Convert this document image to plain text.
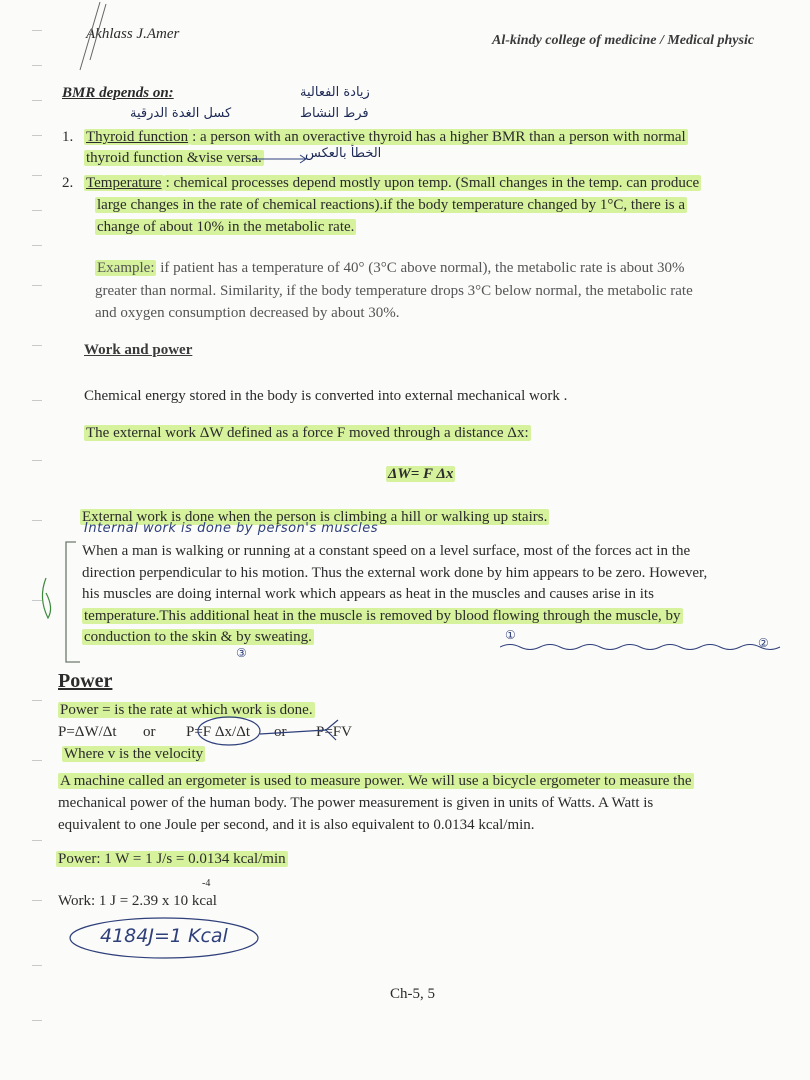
Akhlass J.Amer	Al-kindy college of medicine / Medical physic
BMR depends on:	زيادة الفعالية
كسل الغدة الدرقية	فرط النشاط
الخطأ بالعكس
1. Thyroid function : a person with an overactive thyroid has a higher BMR than a person with normal
thyroid function &vise versa.
2. Temperature : chemical processes depend mostly upon temp. (Small changes in the temp. can produce
large changes in the rate of chemical reactions).if the body temperature changed by 1°C, there is a
change of about 10% in the metabolic rate.
Example: if patient has a temperature of 40° (3°C above normal), the metabolic rate is about 30%
greater than normal. Similarity, if the body temperature drops 3°C below normal, the metabolic rate
and oxygen consumption decreased by about 30%.
Work and power
Chemical energy stored in the body is converted into external mechanical work .
The external work ΔW defined as a force F moved through a distance Δx:
ΔW= F Δx
External work is done when the person is climbing a hill or walking up stairs.
Internal work is done by person's muscles
When a man is walking or running at a constant speed on a level surface, most of the forces act in the
direction perpendicular to his motion. Thus the external work done by him appears to be zero. However,
his muscles are doing internal work which appears as heat in the muscles and causes arise in its
temperature.This additional heat in the muscle is removed by blood flowing through the muscle, by
conduction to the skin & by sweating.	①
②
③
Power
Power = is the rate at which work is done.
P=ΔW/Δt or P=F Δx/Δt or P=FV
Where v is the velocity
A machine called an ergometer is used to measure power. We will use a bicycle ergometer to measure the
mechanical power of the human body. The power measurement is given in units of Watts. A Watt is
equivalent to one Joule per second, and it is also equivalent to 0.0134 kcal/min.
Power: 1 W = 1 J/s = 0.0134 kcal/min
-4
Work: 1 J = 2.39 x 10 kcal
4184J=1 Kcal
Ch-5, 5
